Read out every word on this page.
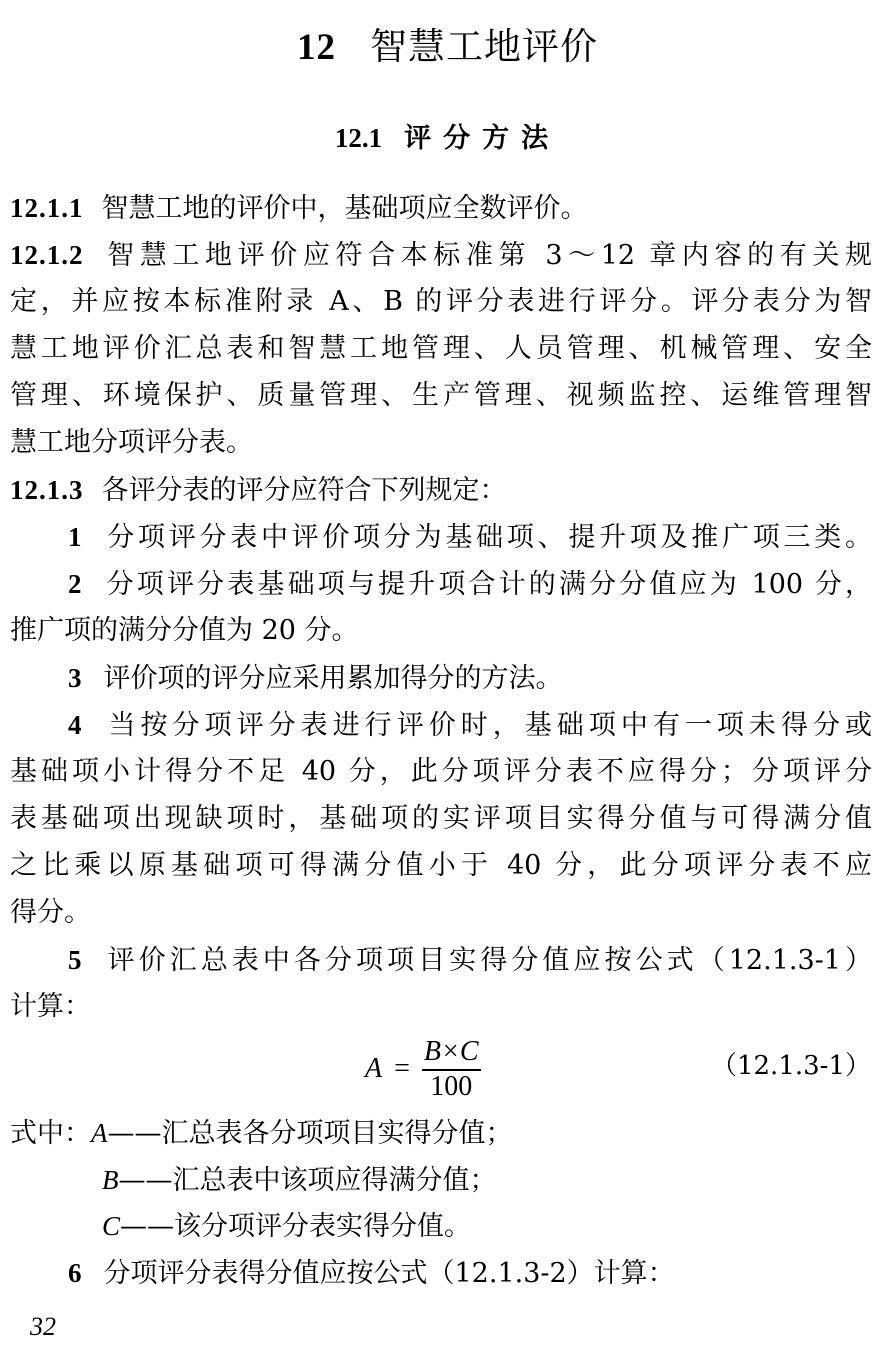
12 智慧工地评价
12.1 评分方法
12.1.1 智慧工地的评价中，基础项应全数评价。
12.1.2 智慧工地评价应符合本标准第 3～12 章内容的有关规
定，并应按本标准附录 A、B 的评分表进行评分。评分表分为智
慧工地评价汇总表和智慧工地管理、人员管理、机械管理、安全
管理、环境保护、质量管理、生产管理、视频监控、运维管理智
慧工地分项评分表。
12.1.3 各评分表的评分应符合下列规定：
1 分项评分表中评价项分为基础项、提升项及推广项三类。
2 分项评分表基础项与提升项合计的满分分值应为 100 分，
推广项的满分分值为 20 分。
3 评价项的评分应采用累加得分的方法。
4 当按分项评分表进行评价时，基础项中有一项未得分或
基础项小计得分不足 40 分，此分项评分表不应得分；分项评分
表基础项出现缺项时，基础项的实评项目实得分值与可得满分值
之比乘以原基础项可得满分值小于 40 分，此分项评分表不应
得分。
5 评价汇总表中各分项项目实得分值应按公式（12.1.3-1）
计算：
$A = \frac{B\times C}{100}$	（12.1.3-1）
式中：A——汇总表各分项项目实得分值；
B——汇总表中该项应得满分值；
C——该分项评分表实得分值。
6 分项评分表得分值应按公式（12.1.3-2）计算：
32
